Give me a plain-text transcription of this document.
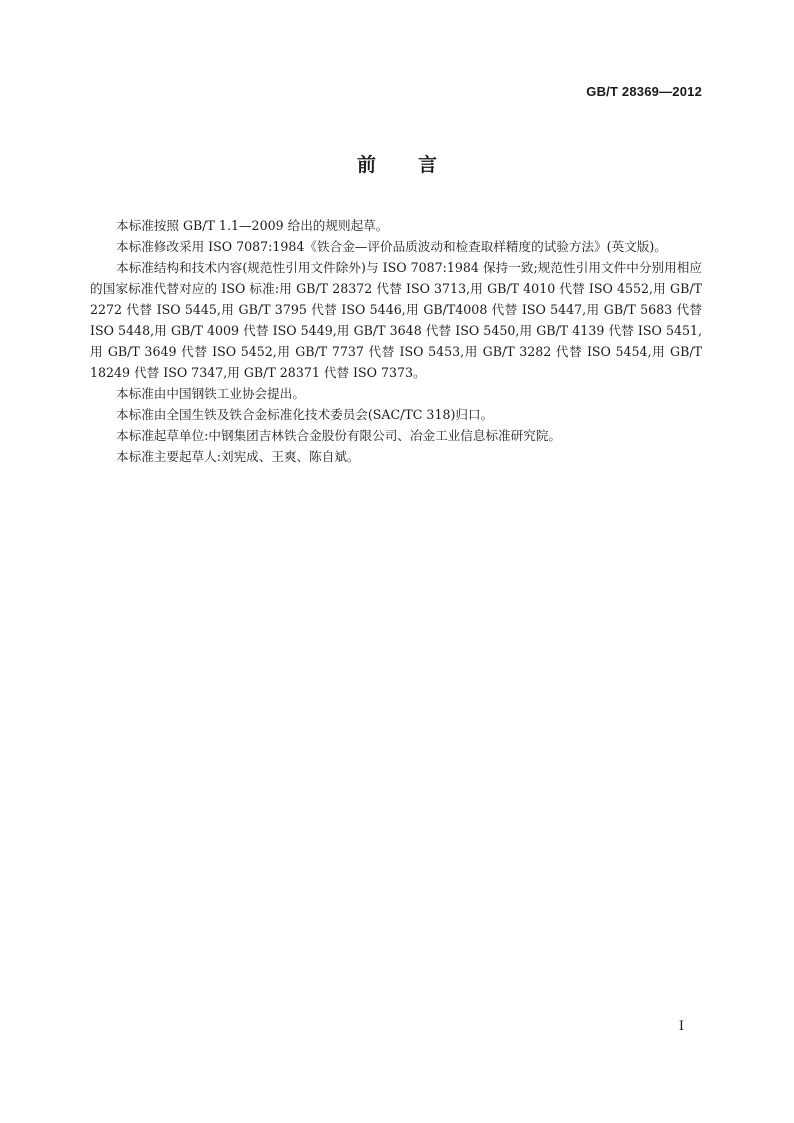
GB/T 28369—2012
前言

本标准按照 GB/T 1.1—2009 给出的规则起草。

本标准修改采用 ISO 7087:1984《铁合金—评价品质波动和检查取样精度的试验方法》(英文版)。

本标准结构和技术内容(规范性引用文件除外)与 ISO 7087:1984 保持一致;规范性引用文件中分别用相应的国家标准代替对应的 ISO 标准:用 GB/T 28372 代替 ISO 3713,用 GB/T 4010 代替 ISO 4552,用 GB/T 2272 代替 ISO 5445,用 GB/T 3795 代替 ISO 5446,用 GB/T4008 代替 ISO 5447,用 GB/T 5683 代替 ISO 5448,用 GB/T 4009 代替 ISO 5449,用 GB/T 3648 代替 ISO 5450,用 GB/T 4139 代替 ISO 5451,用 GB/T 3649 代替 ISO 5452,用 GB/T 7737 代替 ISO 5453,用 GB/T 3282 代替 ISO 5454,用 GB/T 18249 代替 ISO 7347,用 GB/T 28371 代替 ISO 7373。

本标准由中国钢铁工业协会提出。

本标准由全国生铁及铁合金标准化技术委员会(SAC/TC 318)归口。

本标准起草单位:中钢集团吉林铁合金股份有限公司、冶金工业信息标准研究院。

本标准主要起草人:刘宪成、王爽、陈自斌。

I
